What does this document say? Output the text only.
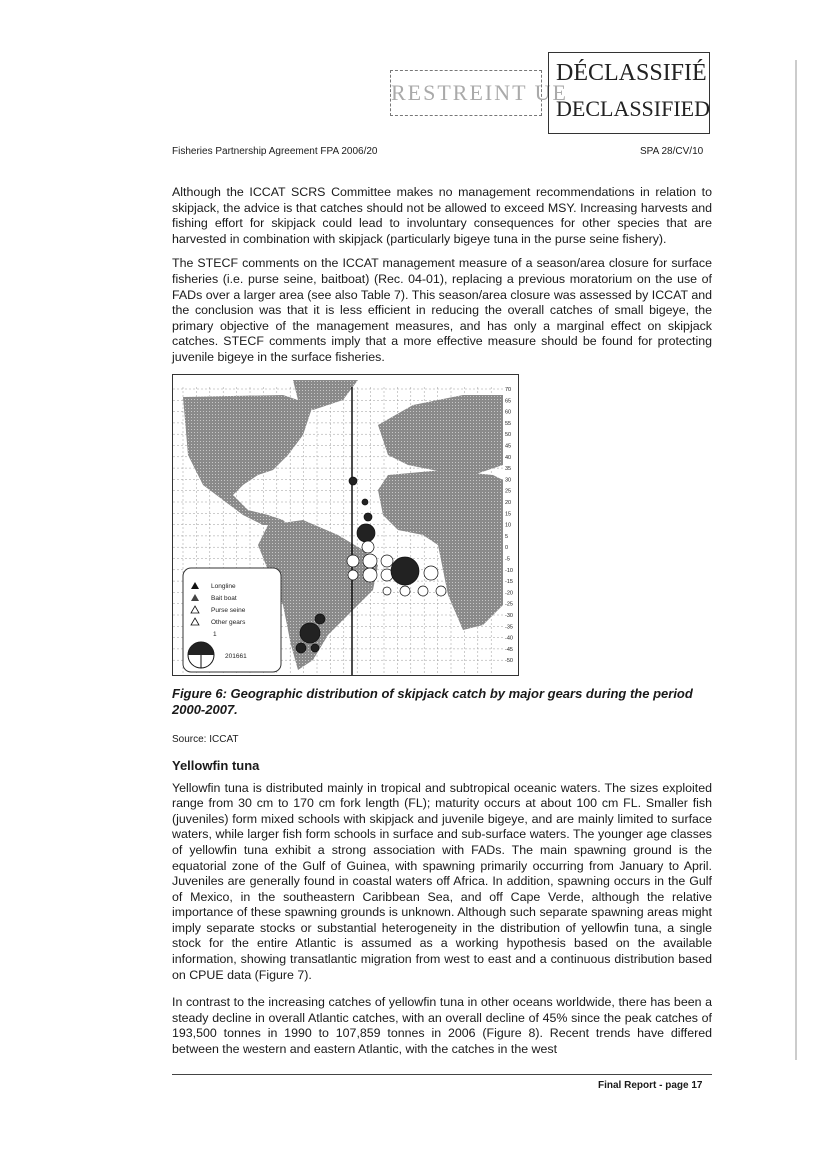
Fisheries Partnership Agreement FPA 2006/20
RESTREINT UE
DÉCLASSIFIÉ
DECLASSIFIED
SPA 28/CV/10

Although the ICCAT SCRS Committee makes no management recommendations in relation to skipjack, the advice is that catches should not be allowed to exceed MSY. Increasing harvests and fishing effort for skipjack could lead to involuntary consequences for other species that are harvested in combination with skipjack (particularly bigeye tuna in the purse seine fishery).

The STECF comments on the ICCAT management measure of a season/area closure for surface fisheries (i.e. purse seine, baitboat) (Rec. 04-01), replacing a previous moratorium on the use of FADs over a larger area (see also Table 7). This season/area closure was assessed by ICCAT and the conclusion was that it is less efficient in reducing the overall catches of small bigeye, the primary objective of the management measures, and has only a marginal effect on skipjack catches. STECF comments imply that a more effective measure should be found for protecting juvenile bigeye in the surface fisheries.

70
65
60
55
50
45
40
35
30
25
20
15
10
5
0
-5
-10
-15
-20
-25
-30
-35
-40
-45
-50
Longline
Bait boat
Purse seine
Other gears
1
201661
Figure 6: Geographic distribution of skipjack catch by major gears during the period 2000-2007.
Source: ICCAT
Yellowfin tuna

Yellowfin tuna is distributed mainly in tropical and subtropical oceanic waters. The sizes exploited range from 30 cm to 170 cm fork length (FL); maturity occurs at about 100 cm FL. Smaller fish (juveniles) form mixed schools with skipjack and juvenile bigeye, and are mainly limited to surface waters, while larger fish form schools in surface and sub-surface waters. The younger age classes of yellowfin tuna exhibit a strong association with FADs. The main spawning ground is the equatorial zone of the Gulf of Guinea, with spawning primarily occurring from January to April. Juveniles are generally found in coastal waters off Africa. In addition, spawning occurs in the Gulf of Mexico, in the southeastern Caribbean Sea, and off Cape Verde, although the relative importance of these spawning grounds is unknown. Although such separate spawning areas might imply separate stocks or substantial heterogeneity in the distribution of yellowfin tuna, a single stock for the entire Atlantic is assumed as a working hypothesis based on the available information, showing transatlantic migration from west to east and a continuous distribution based on CPUE data (Figure 7).

In contrast to the increasing catches of yellowfin tuna in other oceans worldwide, there has been a steady decline in overall Atlantic catches, with an overall decline of 45% since the peak catches of 193,500 tonnes in 1990 to 107,859 tonnes in 2006 (Figure 8). Recent trends have differed between the western and eastern Atlantic, with the catches in the west

Final Report - page 17
